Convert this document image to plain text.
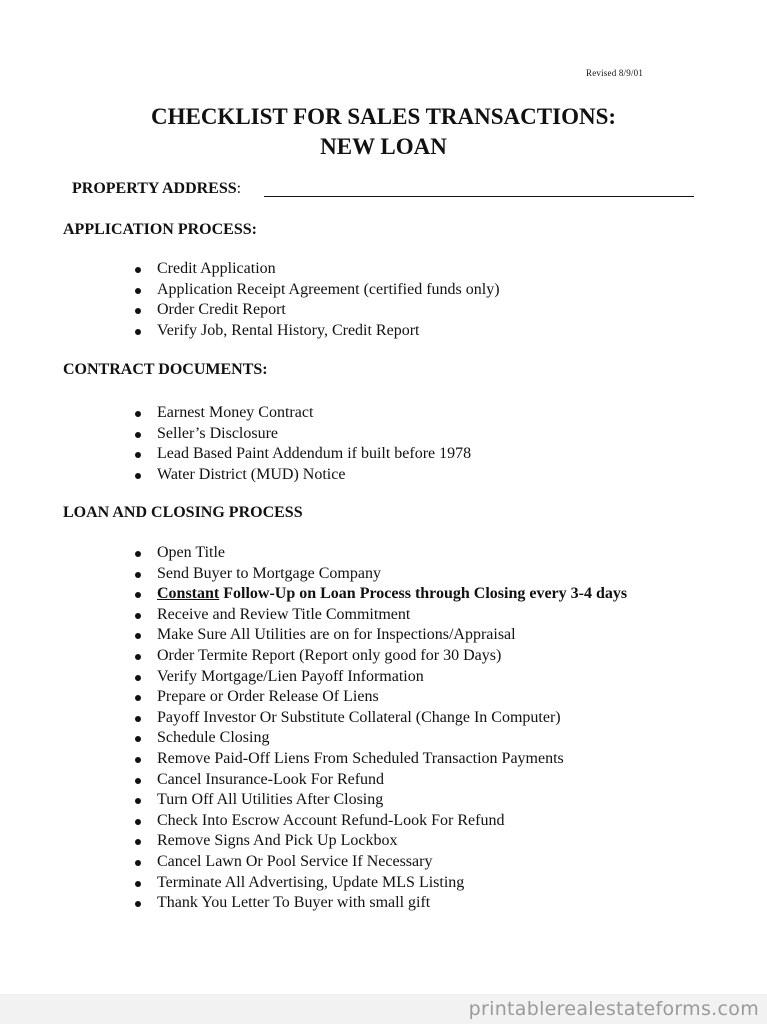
Revised 8/9/01
CHECKLIST FOR SALES TRANSACTIONS:
NEW LOAN
PROPERTY ADDRESS:
APPLICATION PROCESS:
Credit Application
Application Receipt Agreement (certified funds only)
Order Credit Report
Verify Job, Rental History, Credit Report
CONTRACT DOCUMENTS:
Earnest Money Contract
Seller’s Disclosure
Lead Based Paint Addendum if built before 1978
Water District (MUD) Notice
LOAN AND CLOSING PROCESS
Open Title
Send Buyer to Mortgage Company
Constant Follow-Up on Loan Process through Closing every 3-4 days
Receive and Review Title Commitment
Make Sure All Utilities are on for Inspections/Appraisal
Order Termite Report (Report only good for 30 Days)
Verify Mortgage/Lien Payoff Information
Prepare or Order Release Of Liens
Payoff Investor Or Substitute Collateral (Change In Computer)
Schedule Closing
Remove Paid-Off Liens From Scheduled Transaction Payments
Cancel Insurance-Look For Refund
Turn Off All Utilities After Closing
Check Into Escrow Account Refund-Look For Refund
Remove Signs And Pick Up Lockbox
Cancel Lawn Or Pool Service If Necessary
Terminate All Advertising, Update MLS Listing
Thank You Letter To Buyer with small gift
printablerealestateforms.com
